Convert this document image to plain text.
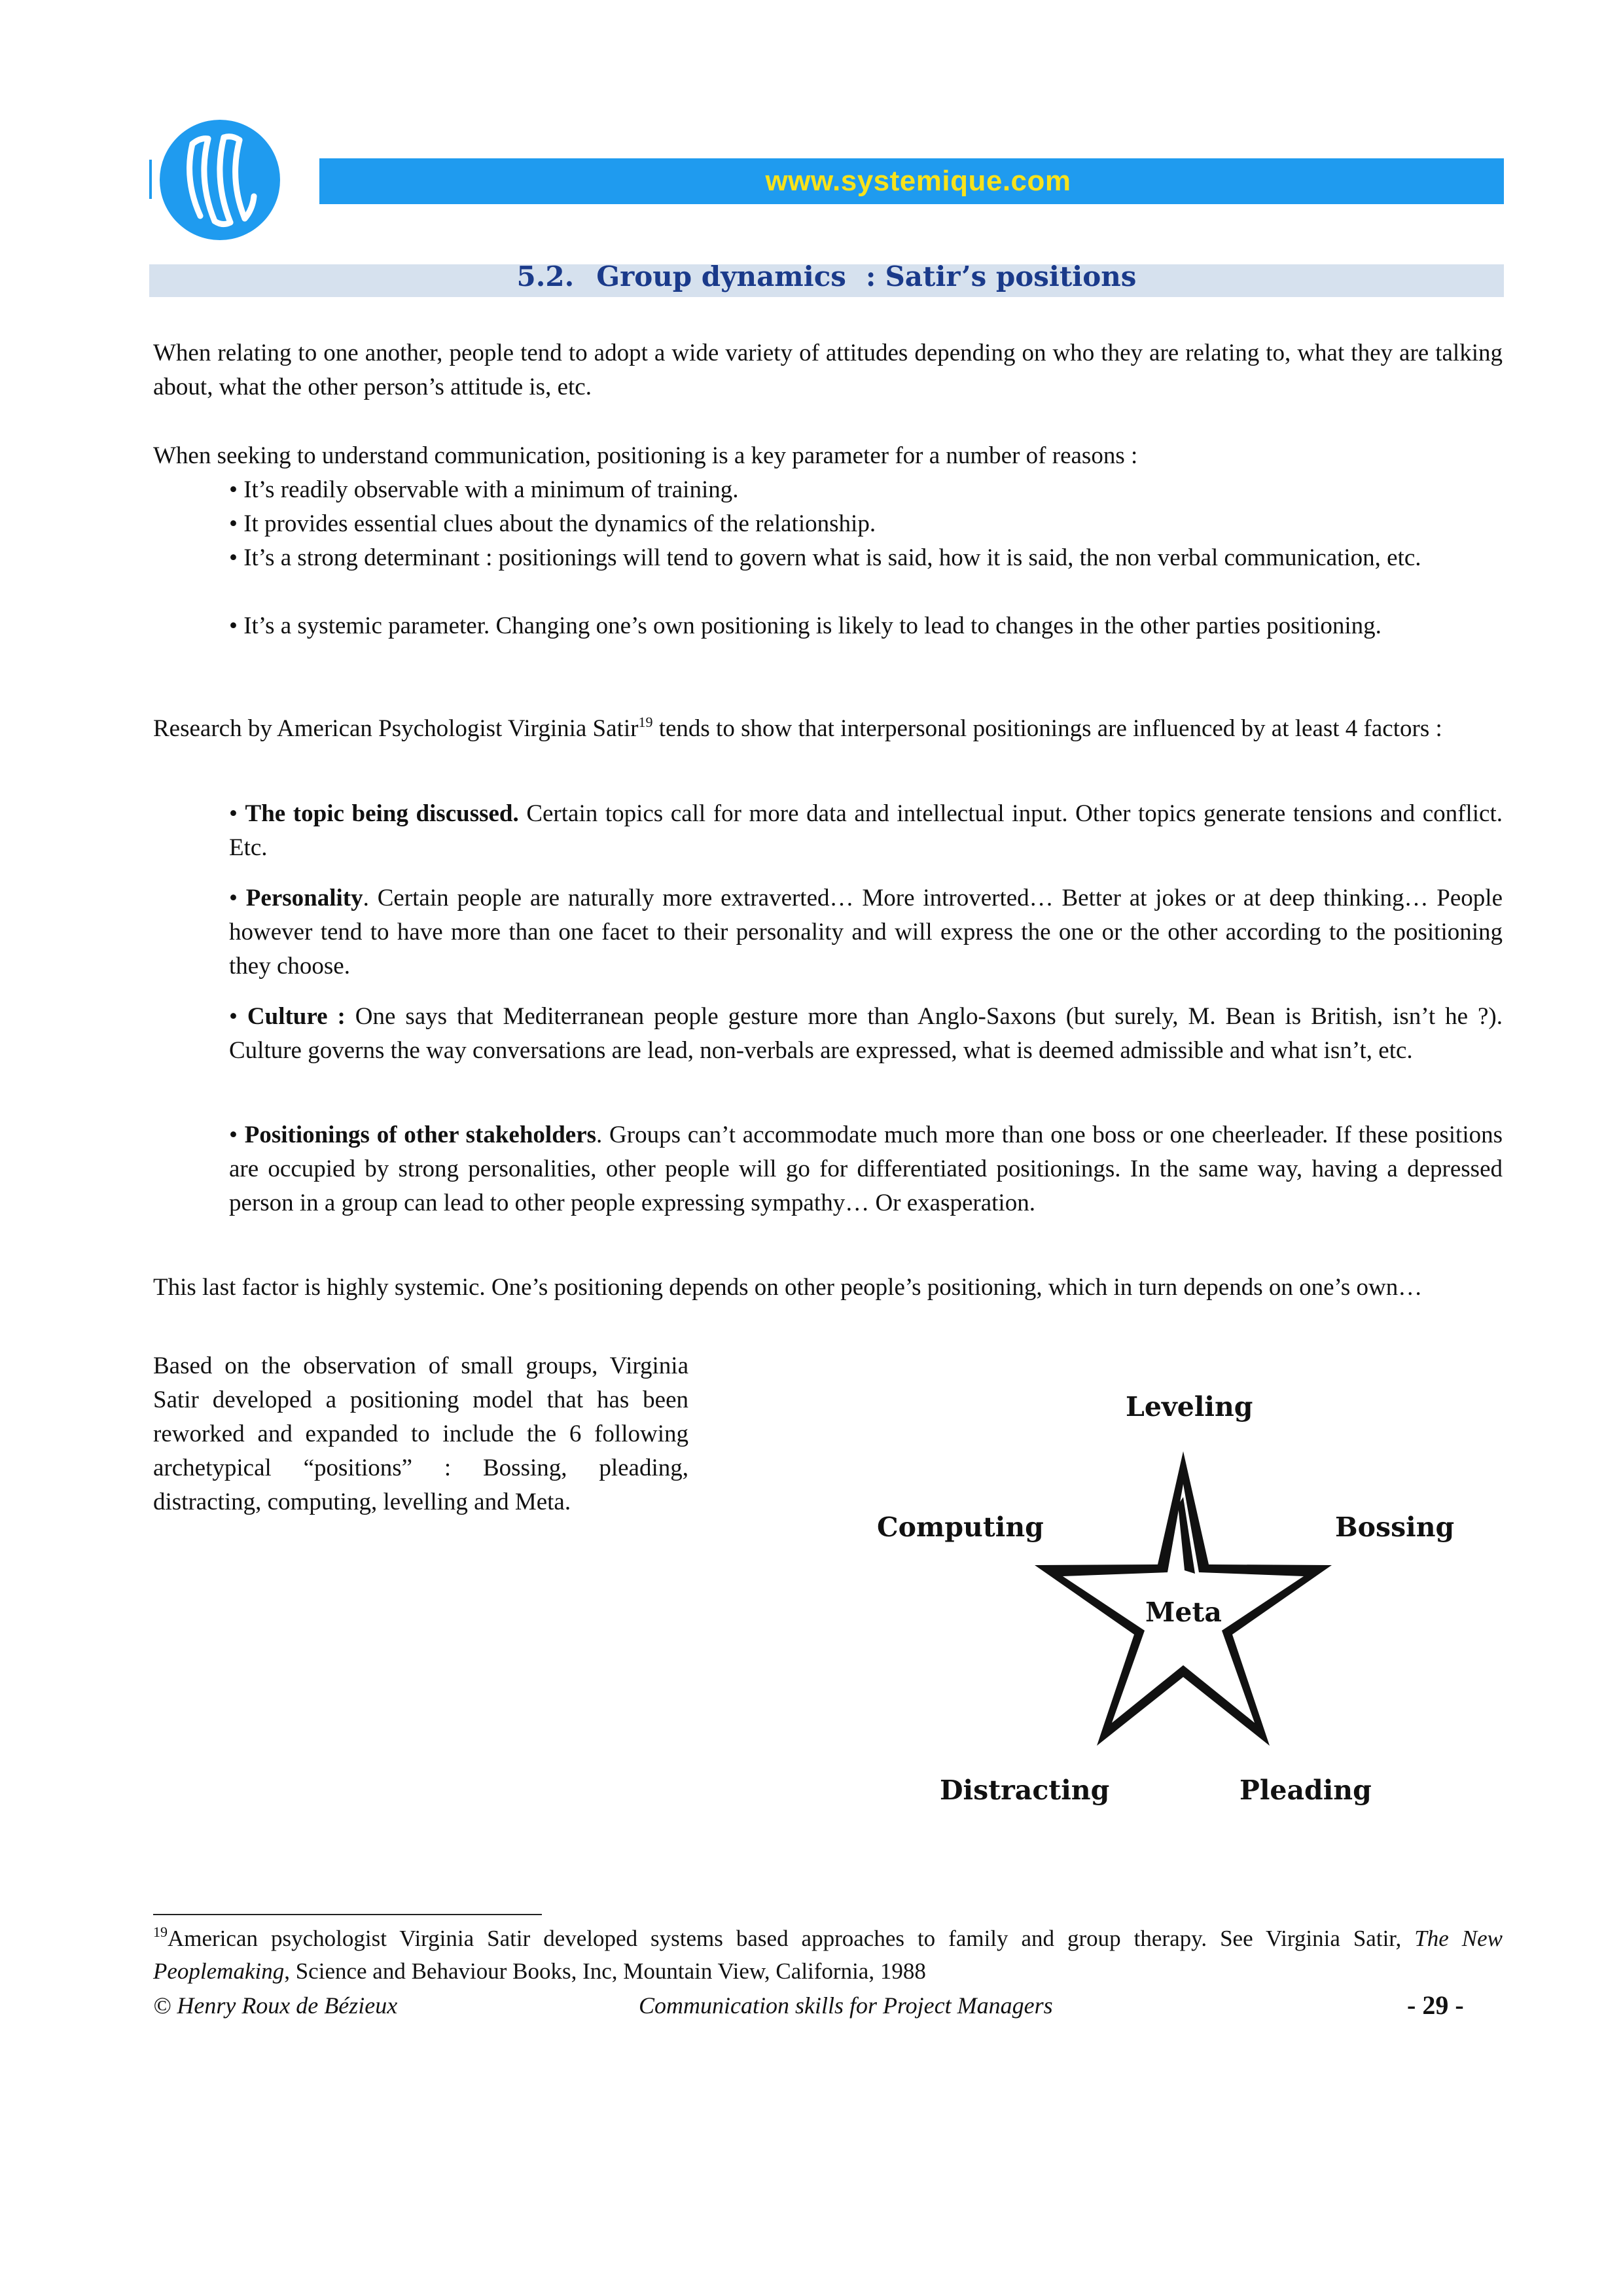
www.systemique.com
5.2. Group dynamics : Satir’s positions
When relating to one another, people tend to adopt a wide variety of attitudes depending on who they are relating to, what they are talking about, what the other person’s attitude is, etc.
When seeking to understand communication, positioning is a key parameter for a number of reasons :
• It’s readily observable with a minimum of training.
• It provides essential clues about the dynamics of the relationship.
• It’s a strong determinant : positionings will tend to govern what is said, how it is said, the non verbal communication, etc.
• It’s a systemic parameter. Changing one’s own positioning is likely to lead to changes in the other parties positioning.
Research by American Psychologist Virginia Satir$^{19}$ tends to show that interpersonal positionings are influenced by at least 4 factors :
• The topic being discussed. Certain topics call for more data and intellectual input. Other topics generate tensions and conflict. Etc.
• Personality. Certain people are naturally more extraverted… More introverted… Better at jokes or at deep thinking… People however tend to have more than one facet to their personality and will express the one or the other according to the positioning they choose.
• Culture : One says that Mediterranean people gesture more than Anglo-Saxons (but surely, M. Bean is British, isn’t he ?). Culture governs the way conversations are lead, non-verbals are expressed, what is deemed admissible and what isn’t, etc.
• Positionings of other stakeholders. Groups can’t accommodate much more than one boss or one cheerleader. If these positions are occupied by strong personalities, other people will go for differentiated positionings. In the same way, having a depressed person in a group can lead to other people expressing sympathy… Or exasperation.
This last factor is highly systemic. One’s positioning depends on other people’s positioning, which in turn depends on one’s own…
Based on the observation of small groups, Virginia Satir developed a positioning model that has been reworked and expanded to include the 6 following archetypical “positions” : Bossing, pleading, distracting, computing, levelling and Meta.
Leveling
Computing	Bossing
Meta
Distracting	Pleading
$^{19}$American psychologist Virginia Satir developed systems based approaches to family and group therapy. See Virginia Satir, The New Peoplemaking, Science and Behaviour Books, Inc, Mountain View, California, 1988
© Henry Roux de Bézieux	Communication skills for Project Managers	- 29 -
